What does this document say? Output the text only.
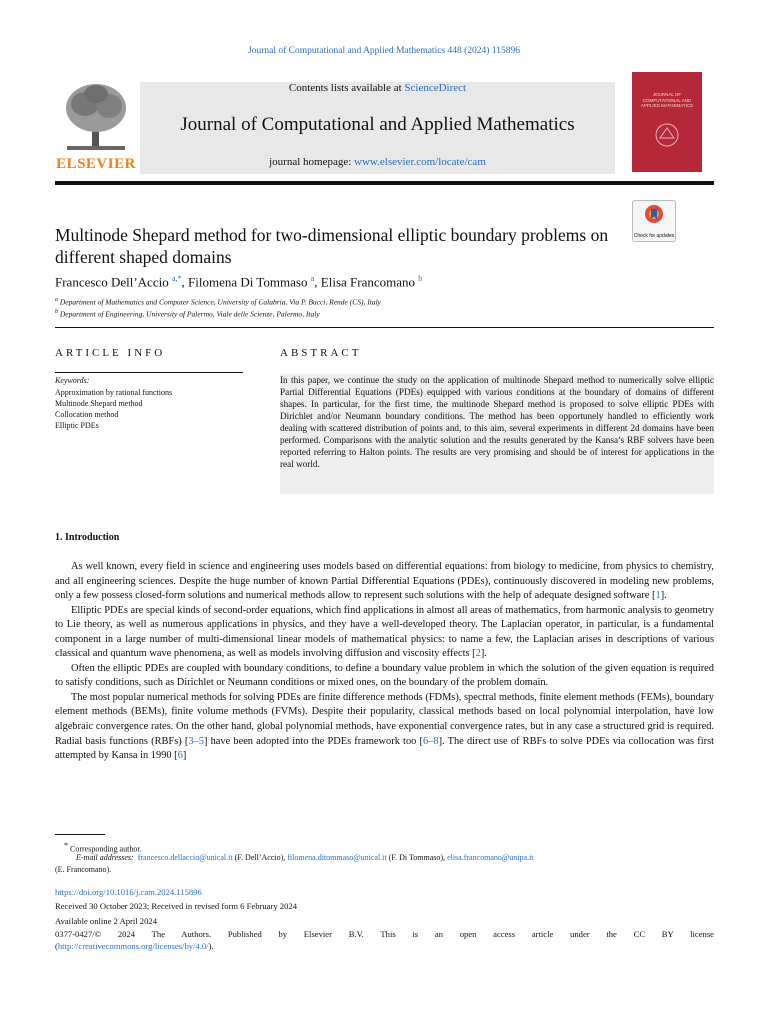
Journal of Computational and Applied Mathematics 448 (2024) 115896
ELSEVIER
Contents lists available at ScienceDirect
Journal of Computational and Applied Mathematics
journal homepage: www.elsevier.com/locate/cam
JOURNAL OF COMPUTATIONAL AND APPLIED MATHEMATICS
Multinode Shepard method for two-dimensional elliptic boundary problems on different shaped domains
Check for updates
Francesco Dell’Accio $^{a,*}$, Filomena Di Tommaso $^a$, Elisa Francomano $^b$
$^a$ Department of Mathematics and Computer Science, University of Calabria, Via P. Bucci, Rende (CS), Italy
$^b$ Department of Engineering, University of Palermo, Viale delle Scienze, Palermo, Italy
ARTICLE INFO	ABSTRACT
Keywords:
Approximation by rational functions
Multinode Shepard method
Collocation method
Elliptic PDEs
In this paper, we continue the study on the application of multinode Shepard method to numerically solve elliptic Partial Differential Equations (PDEs) equipped with various conditions at the boundary of domains of different shapes. In particular, for the first time, the multinode Shepard method is proposed to solve elliptic PDEs with Dirichlet and/or Neumann boundary conditions. The method has been opportunely handled to efficiently work dealing with scattered distribution of points and, to this aim, several experiments in different 2d domains have been performed. Comparisons with the analytic solution and the results generated by the Kansa’s RBF solvers have been reported referring to Halton points. The results are very promising and should be of interest for applications in the real world.
1. Introduction

As well known, every field in science and engineering uses models based on differential equations: from biology to medicine, from physics to chemistry, and all engineering sciences. Despite the huge number of known Partial Differential Equations (PDEs), continuously discovered in modeling new problems, only a few possess closed-form solutions and numerical methods allow to represent such solutions with the help of adequate designed software [1].

Elliptic PDEs are special kinds of second-order equations, which find applications in almost all areas of mathematics, from harmonic analysis to geometry to Lie theory, as well as numerous applications in physics, and they have a well-developed theory. The Laplacian operator, in particular, is a fundamental component in a large number of multi-dimensional linear models of mathematical physics: to name a few, the Laplacian arises in descriptions of various classical and quantum wave phenomena, as well as models involving diffusion and viscosity effects [2].

Often the elliptic PDEs are coupled with boundary conditions, to define a boundary value problem in which the solution of the given equation is required to satisfy conditions, such as Dirichlet or Neumann conditions or mixed ones, on the boundary of the problem domain.

The most popular numerical methods for solving PDEs are finite difference methods (FDMs), spectral methods, finite element methods (FEMs), boundary element methods (BEMs), finite volume methods (FVMs). Despite their popularity, classical methods based on local polynomial interpolation, have low algebraic convergence rates. On the other hand, global polynomial methods, have exponential convergence rates, but in any case a structured grid is required. Radial basis functions (RBFs) [3–5] have been adopted into the PDEs framework too [6–8]. The direct use of RBFs to solve PDEs via collocation was first attempted by Kansa in 1990 [6]

* Corresponding author.
E-mail addresses: francesco.dellaccio@unical.it (F. Dell’Accio), filomena.ditommaso@unical.it (F. Di Tommaso), elisa.francomano@unipa.it
(E. Francomano).
https://doi.org/10.1016/j.cam.2024.115896
Received 30 October 2023; Received in revised form 6 February 2024
Available online 2 April 2024
0377-0427/© 2024 The Authors. Published by Elsevier B.V. This is an open access article under the CC BY license
(http://creativecommons.org/licenses/by/4.0/).
